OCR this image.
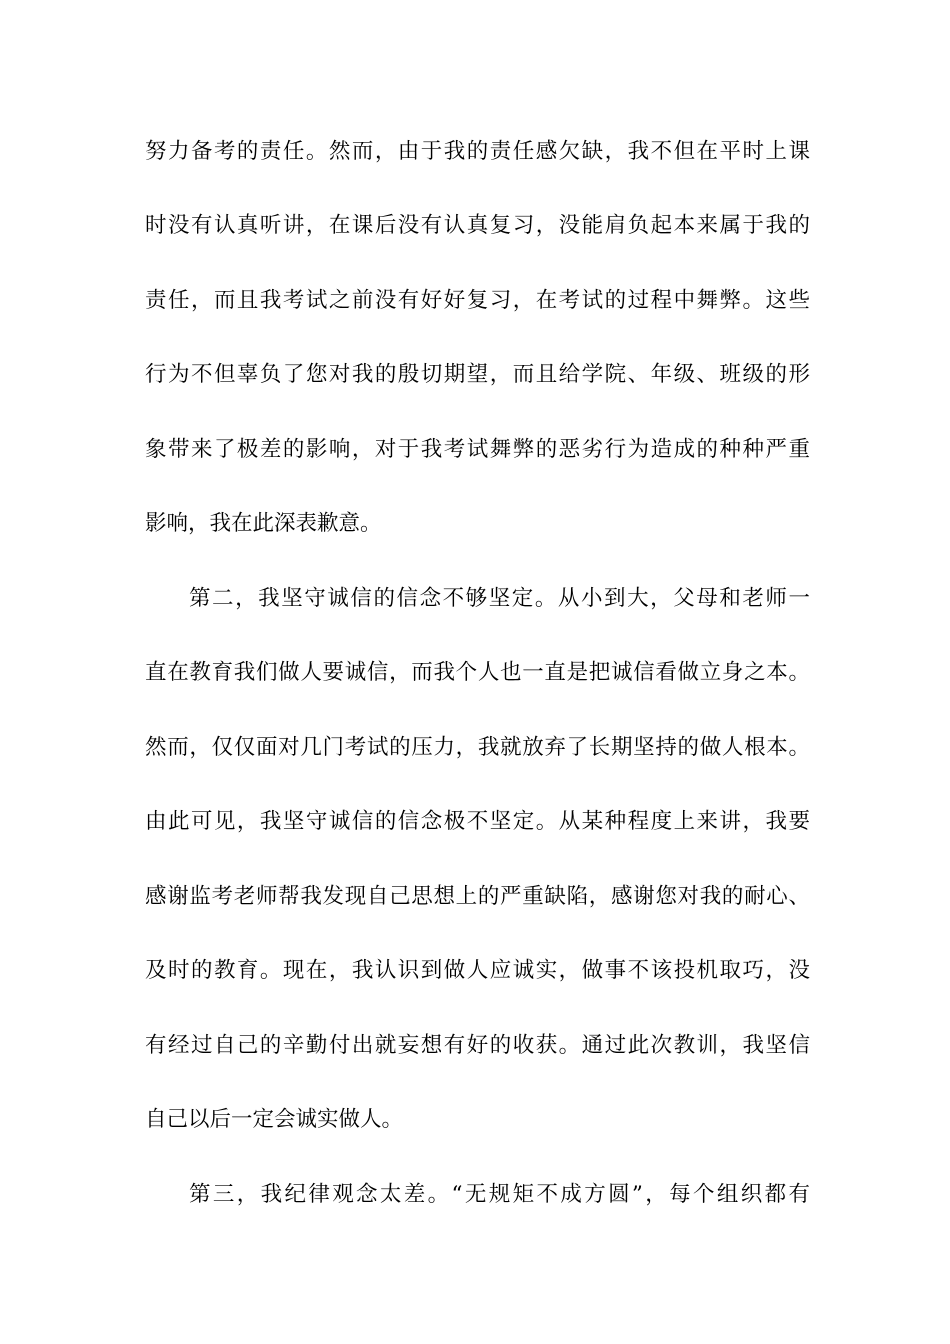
努力备考的责任。然而，由于我的责任感欠缺，我不但在平时上课
时没有认真听讲，在课后没有认真复习，没能肩负起本来属于我的
责任，而且我考试之前没有好好复习，在考试的过程中舞弊。这些
行为不但辜负了您对我的殷切期望，而且给学院、年级、班级的形
象带来了极差的影响，对于我考试舞弊的恶劣行为造成的种种严重
影响，我在此深表歉意。
第二，我坚守诚信的信念不够坚定。从小到大，父母和老师一
直在教育我们做人要诚信，而我个人也一直是把诚信看做立身之本。
然而，仅仅面对几门考试的压力，我就放弃了长期坚持的做人根本。
由此可见，我坚守诚信的信念极不坚定。从某种程度上来讲，我要
感谢监考老师帮我发现自己思想上的严重缺陷，感谢您对我的耐心、
及时的教育。现在，我认识到做人应诚实，做事不该投机取巧，没
有经过自己的辛勤付出就妄想有好的收获。通过此次教训，我坚信
自己以后一定会诚实做人。
第三，我纪律观念太差。“无规矩不成方圆”，每个组织都有
